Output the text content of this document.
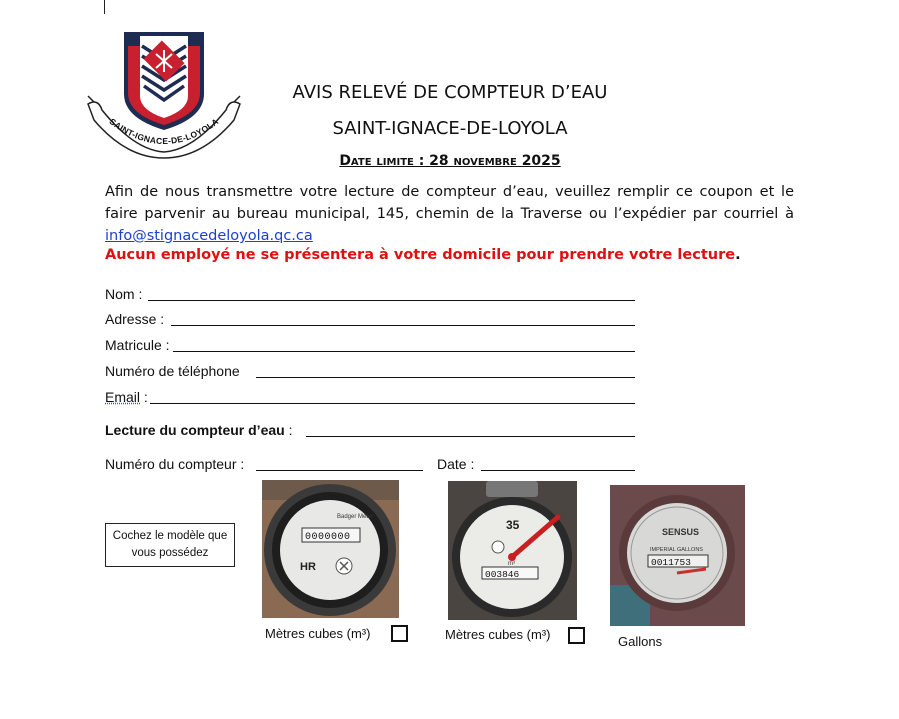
SAINT-IGNACE-DE-LOYOLA
AVIS RELEVÉ DE COMPTEUR D’EAU
SAINT-IGNACE-DE-LOYOLA
Date limite : 28 novembre 2025
Afin de nous transmettre votre lecture de compteur d’eau, veuillez remplir ce coupon et le faire parvenir au bureau municipal, 145, chemin de la Traverse ou l’expédier par courriel à info@stignacedeloyola.qc.ca
Aucun employé ne se présentera à votre domicile pour prendre votre lecture.
Nom :
Adresse :
Matricule :
Numéro de téléphone
Email :
Lecture du compteur d’eau :
Numéro du compteur :	Date :
Cochez le modèle que vous possédez
Badger Meter
0000000
HR
Mètres cubes (m³)
35
003846
m³
Mètres cubes (m³)
SENSUS
IMPERIAL GALLONS
0011753
Gallons
